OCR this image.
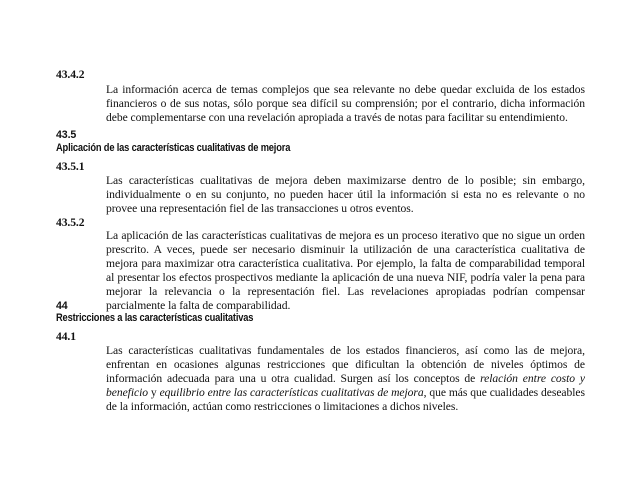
43.4.2
La información acerca de temas complejos que sea relevante no debe quedar excluida de los estados financieros o de sus notas, sólo porque sea difícil su comprensión; por el contrario, dicha información debe complementarse con una revelación apropiada a través de notas para facilitar su entendimiento.
43.5
Aplicación de las características cualitativas de mejora
43.5.1
Las características cualitativas de mejora deben maximizarse dentro de lo posible; sin embargo, individualmente o en su conjunto, no pueden hacer útil la información si esta no es relevante o no provee una representación fiel de las transacciones u otros eventos.
43.5.2
La aplicación de las características cualitativas de mejora es un proceso iterativo que no sigue un orden prescrito. A veces, puede ser necesario disminuir la utilización de una característica cualitativa de mejora para maximizar otra característica cualitativa. Por ejemplo, la falta de comparabilidad temporal al presentar los efectos prospectivos mediante la aplicación de una nueva NIF, podría valer la pena para mejorar la relevancia o la representación fiel. Las revelaciones apropiadas podrían compensar parcialmente la falta de comparabilidad.
44
Restricciones a las características cualitativas
44.1
Las características cualitativas fundamentales de los estados financieros, así como las de mejora, enfrentan en ocasiones algunas restricciones que dificultan la obtención de niveles óptimos de información adecuada para una u otra cualidad. Surgen así los conceptos de relación entre costo y beneficio y equilibrio entre las características cualitativas de mejora, que más que cualidades deseables de la información, actúan como restricciones o limitaciones a dichos niveles.
